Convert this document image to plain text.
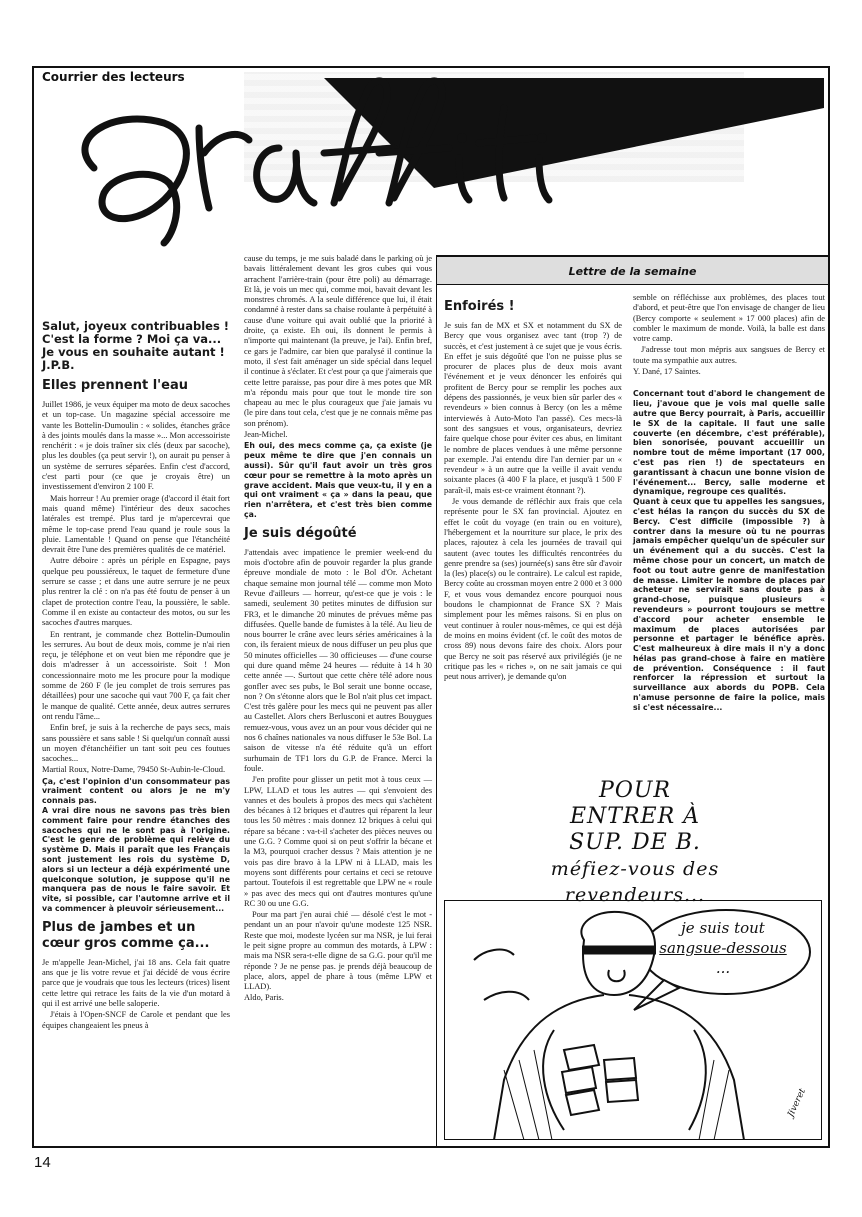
Courrier des lecteurs
Salut, joyeux contribuables ! C'est la forme ? Moi ça va... Je vous en souhaite autant ! J.P.B.
Elles prennent l'eau

Juillet 1986, je veux équiper ma moto de deux sacoches et un top-case. Un magazine spécial accessoire me vante les Bottelin-Dumoulin : « solides, étanches grâce à des joints moulés dans la masse »... Mon accessoiriste renchérit : « je dois traîner six clés (deux par sacoche), plus les doubles (ça peut servir !), on aurait pu penser à un système de serrures séparées. Enfin c'est d'accord, c'est parti pour (ce que je croyais être) un investissement d'environ 2 100 F.

Mais horreur ! Au premier orage (d'accord il était fort mais quand même) l'intérieur des deux sacoches latérales est trempé. Plus tard je m'apercevrai que même le top-case prend l'eau quand je roule sous la pluie. Lamentable ! Quand on pense que l'étanchéité devrait être l'une des premières qualités de ce matériel.

Autre déboire : après un périple en Espagne, pays quelque peu poussiéreux, le taquet de fermeture d'une serrure se casse ; et dans une autre serrure je ne peux plus rentrer la clé : on n'a pas été foutu de penser à un clapet de protection contre l'eau, la poussière, le sable. Comme il en existe au contacteur des motos, ou sur les sacoches d'autres marques.

En rentrant, je commande chez Bottelin-Dumoulin les serrures. Au bout de deux mois, comme je n'ai rien reçu, je téléphone et on veut bien me répondre que je dois m'adresser à un accessoiriste. Soit ! Mon concessionnaire moto me les procure pour la modique somme de 260 F (le jeu complet de trois serrures pas détaillées) pour une sacoche qui vaut 700 F, ça fait cher le manque de qualité. Cette année, deux autres serrures ont rendu l'âme...

Enfin bref, je suis à la recherche de pays secs, mais sans poussière et sans sable ! Si quelqu'un connaît aussi un moyen d'étanchéifier un tant soit peu ces foutues sacoches...

Martial Roux, Notre-Dame, 79450 St-Aubin-le-Cloud.

Ça, c'est l'opinion d'un consommateur pas vraiment content ou alors je ne m'y connais pas.
A vrai dire nous ne savons pas très bien comment faire pour rendre étanches des sacoches qui ne le sont pas à l'origine. C'est le genre de problème qui relève du système D. Mais il paraît que les Français sont justement les rois du système D, alors si un lecteur a déjà expérimenté une quelconque solution, je suppose qu'il ne manquera pas de nous le faire savoir. Et vite, si possible, car l'automne arrive et il va commencer à pleuvoir sérieusement...

Plus de jambes et un cœur gros comme ça...

Je m'appelle Jean-Michel, j'ai 18 ans. Cela fait quatre ans que je lis votre revue et j'ai décidé de vous écrire parce que je voudrais que tous les lecteurs (trices) lisent cette lettre qui retrace les faits de la vie d'un motard à qui il est arrivé une belle saloperie.

J'étais à l'Open-SNCF de Carole et pendant que les équipes changeaient les pneus à

cause du temps, je me suis baladé dans le parking où je bavais littéralement devant les gros cubes qui vous arrachent l'arrière-train (pour être poli) au démarrage. Et là, je vois un mec qui, comme moi, bavait devant les monstres chromés. A la seule différence que lui, il était condamné à rester dans sa chaise roulante à perpétuité à cause d'une voiture qui avait oublié que la priorité à droite, ça existe. Eh oui, ils donnent le permis à n'importe qui maintenant (la preuve, je l'ai). Enfin bref, ce gars je l'admire, car bien que paralysé il continue la moto, il s'est fait aménager un side spécial dans lequel il continue à s'éclater. Et c'est pour ça que j'aimerais que cette lettre paraisse, pas pour dire à mes potes que MR m'a répondu mais pour que tout le monde tire son chapeau au mec le plus courageux que j'aie jamais vu (le pire dans tout cela, c'est que je ne connais même pas son prénom).

Jean-Michel.

Eh oui, des mecs comme ça, ça existe (je peux même te dire que j'en connais un aussi). Sûr qu'il faut avoir un très gros cœur pour se remettre à la moto après un grave accident. Mais que veux-tu, il y en a qui ont vraiment « ça » dans la peau, que rien n'arrêtera, et c'est très bien comme ça.

Je suis dégoûté

J'attendais avec impatience le premier week-end du mois d'octobre afin de pouvoir regarder la plus grande épreuve mondiale de moto : le Bol d'Or. Achetant chaque semaine mon journal télé — comme mon Moto Revue d'ailleurs — horreur, qu'est-ce que je vois : le samedi, seulement 30 petites minutes de diffusion sur FR3, et le dimanche 20 minutes de prévues même pas diffusées. Quelle bande de fumistes à la télé. Au lieu de nous bourrer le crâne avec leurs séries américaines à la con, ils feraient mieux de nous diffuser un peu plus que 50 minutes officielles — 30 officieuses — d'une course qui dure quand même 24 heures — réduite à 14 h 30 cette année —. Surtout que cette chère télé adore nous gonfler avec ses pubs, le Bol serait une bonne occase, non ? On s'étonne alors que le Bol n'ait plus cet impact. C'est très galère pour les mecs qui ne peuvent pas aller au Castellet. Alors chers Berlusconi et autres Bouygues remuez-vous, vous avez un an pour vous décider qui ne nos 6 chaînes nationales va nous diffuser le 53e Bol. La saison de vitesse n'a été réduite qu'à un effort surhumain de TF1 lors du G.P. de France. Merci la foule.

J'en profite pour glisser un petit mot à tous ceux — LPW, LLAD et tous les autres — qui s'envoient des vannes et des boulets à propos des mecs qui s'achètent des bécanes à 12 briques et d'autres qui réparent la leur tous les 50 mètres : mais donnez 12 briques à celui qui répare sa bécane : va-t-il s'acheter des pièces neuves ou une G.G. ? Comme quoi si on peut s'offrir la bécane et la M3, pourquoi cracher dessus ? Mais attention je ne vois pas dire bravo à la LPW ni à LLAD, mais les moyens sont différents pour certains et ceci se retouve partout. Toutefois il est regrettable que LPW ne « roule » pas avec des mecs qui ont d'autres montures qu'une RC 30 ou une G.G.

Pour ma part j'en aurai chié — désolé c'est le mot - pendant un an pour n'avoir qu'une modeste 125 NSR. Reste que moi, modeste lycéen sur ma NSR, je lui ferai le peit signe propre au commun des motards, à LPW : mais ma NSR sera-t-elle digne de sa G.G. pour qu'il me réponde ? Je ne pense pas. je prends déjà beaucoup de place, alors, appel de phare à tous (même LPW et LLAD).

Aldo, Paris.

Lettre de la semaine
Enfoirés !

Je suis fan de MX et SX et notamment du SX de Bercy que vous organisez avec tant (trop ?) de succès, et c'est justement à ce sujet que je vous écris. En effet je suis dégoûté que l'on ne puisse plus se procurer de places plus de deux mois avant l'événement et je veux dénoncer les enfoirés qui profitent de Bercy pour se remplir les poches aux dépens des passionnés, je veux bien sûr parler des « revendeurs » bien connus à Bercy (on les a même interviewés à Auto-Moto l'an passé). Ces mecs-là sont des sangsues et vous, organisateurs, devriez faire quelque chose pour éviter ces abus, en limitant le nombre de places vendues à une même personne par exemple. J'ai entendu dire l'an dernier par un « revendeur » à un autre que la veille il avait vendu soixante places (à 400 F la place, et jusqu'à 1 500 F paraît-il, mais est-ce vraiment étonnant ?).

Je vous demande de réfléchir aux frais que cela représente pour le SX fan provincial. Ajoutez en effet le coût du voyage (en train ou en voiture), l'hébergement et la nourriture sur place, le prix des places, rajoutez à cela les journées de travail qui sautent (avec toutes les difficultés rencontrées du genre prendre sa (ses) journée(s) sans être sûr d'avoir la (les) place(s) ou le contraire). Le calcul est rapide, Bercy coûte au crossman moyen entre 2 000 et 3 000 F, et vous vous demandez encore pourquoi nous boudons le championnat de France SX ? Mais simplement pour les mêmes raisons. Si en plus on veut continuer à rouler nous-mêmes, ce qui est déjà de moins en moins évident (cf. le coût des motos de cross 89) nous devons faire des choix. Alors pour que Bercy ne soit pas réservé aux privilégiés (je ne critique pas les « riches », on ne sait jamais ce qui peut nous arriver), je demande qu'on

semble on réfléchisse aux problèmes, des places tout d'abord, et peut-être que l'on envisage de changer de lieu (Bercy comporte « seulement » 17 000 places) afin de combler le maximum de monde. Voilà, la balle est dans votre camp.

J'adresse tout mon mépris aux sangsues de Bercy et toute ma sympathie aux autres.

Y. Dané, 17 Saintes.

Concernant tout d'abord le changement de lieu, j'avoue que je vois mal quelle salle autre que Bercy pourrait, à Paris, accueillir le SX de la capitale. Il faut une salle couverte (en décembre, c'est préférable), bien sonorisée, pouvant accueillir un nombre tout de même important (17 000, c'est pas rien !) de spectateurs en garantissant à chacun une bonne vision de l'événement... Bercy, salle moderne et dynamique, regroupe ces qualités.
Quant à ceux que tu appelles les sangsues, c'est hélas la rançon du succès du SX de Bercy. C'est difficile (impossible ?) à contrer dans la mesure où tu ne pourras jamais empêcher quelqu'un de spéculer sur un événement qui a du succès. C'est la même chose pour un concert, un match de foot ou tout autre genre de manifestation de masse. Limiter le nombre de places par acheteur ne servirait sans doute pas à grand-chose, puisque plusieurs « revendeurs » pourront toujours se mettre d'accord pour acheter ensemble le maximum de places autorisées par personne et partager le bénéfice après. C'est malheureux à dire mais il n'y a donc hélas pas grand-chose à faire en matière de prévention. Conséquence : il faut renforcer la répression et surtout la surveillance aux abords du POPB. Cela n'amuse personne de faire la police, mais si c'est nécessaire...

POUR
ENTRER À
SUP. DE B.
méfiez-vous des
revendeurs...
je suis tout
sangsue-dessous
...
Jiveret
14
